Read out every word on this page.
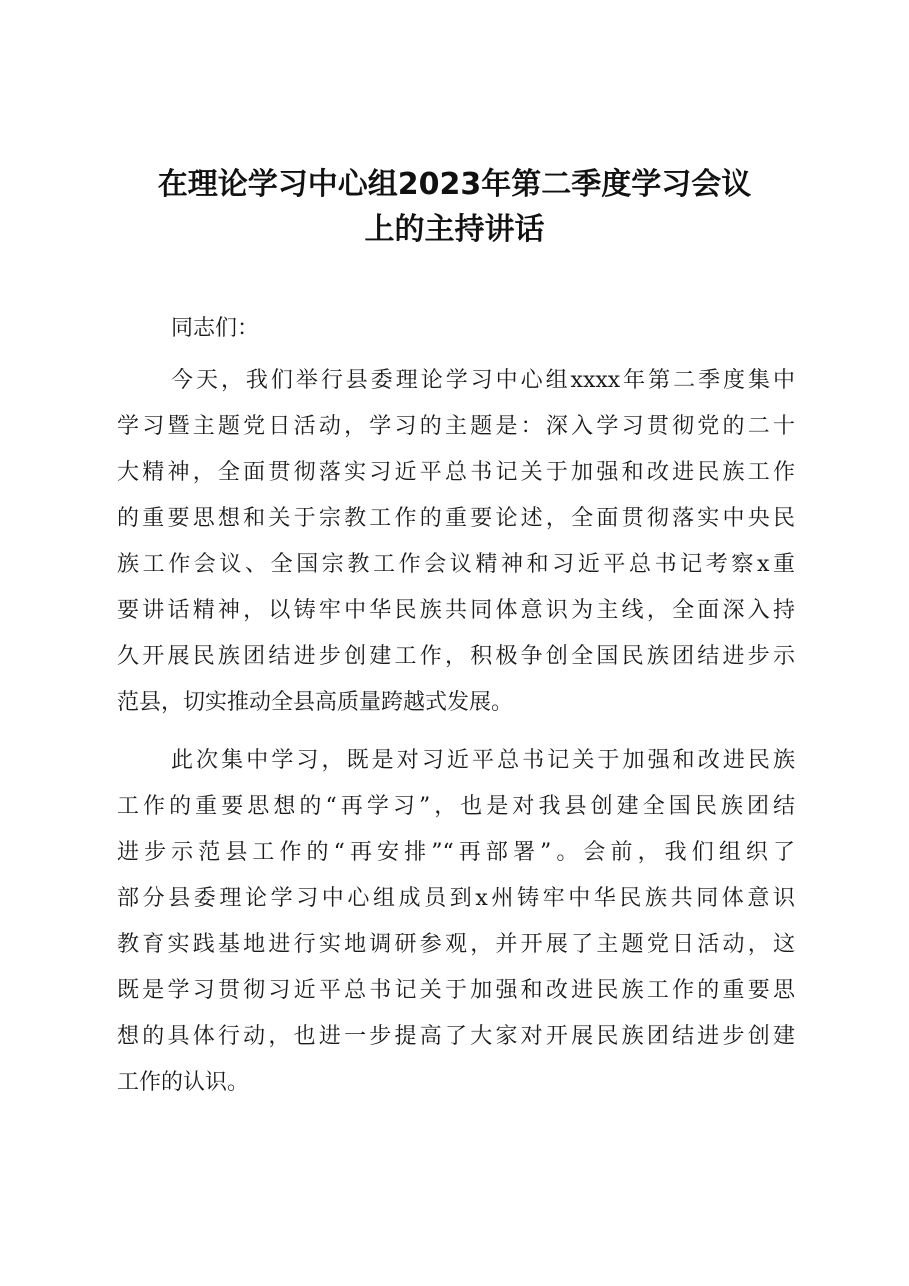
在理论学习中心组2023年第二季度学习会议
上的主持讲话

同志们：

今天，我们举行县委理论学习中心组xxxx年第二季度集中

学习暨主题党日活动，学习的主题是：深入学习贯彻党的二十

大精神，全面贯彻落实习近平总书记关于加强和改进民族工作

的重要思想和关于宗教工作的重要论述，全面贯彻落实中央民

族工作会议、全国宗教工作会议精神和习近平总书记考察x重

要讲话精神，以铸牢中华民族共同体意识为主线，全面深入持

久开展民族团结进步创建工作，积极争创全国民族团结进步示

范县，切实推动全县高质量跨越式发展。

此次集中学习，既是对习近平总书记关于加强和改进民族

工作的重要思想的“再学习”，也是对我县创建全国民族团结

进步示范县工作的“再安排”“再部署”。会前，我们组织了

部分县委理论学习中心组成员到x州铸牢中华民族共同体意识

教育实践基地进行实地调研参观，并开展了主题党日活动，这

既是学习贯彻习近平总书记关于加强和改进民族工作的重要思

想的具体行动，也进一步提高了大家对开展民族团结进步创建

工作的认识。
